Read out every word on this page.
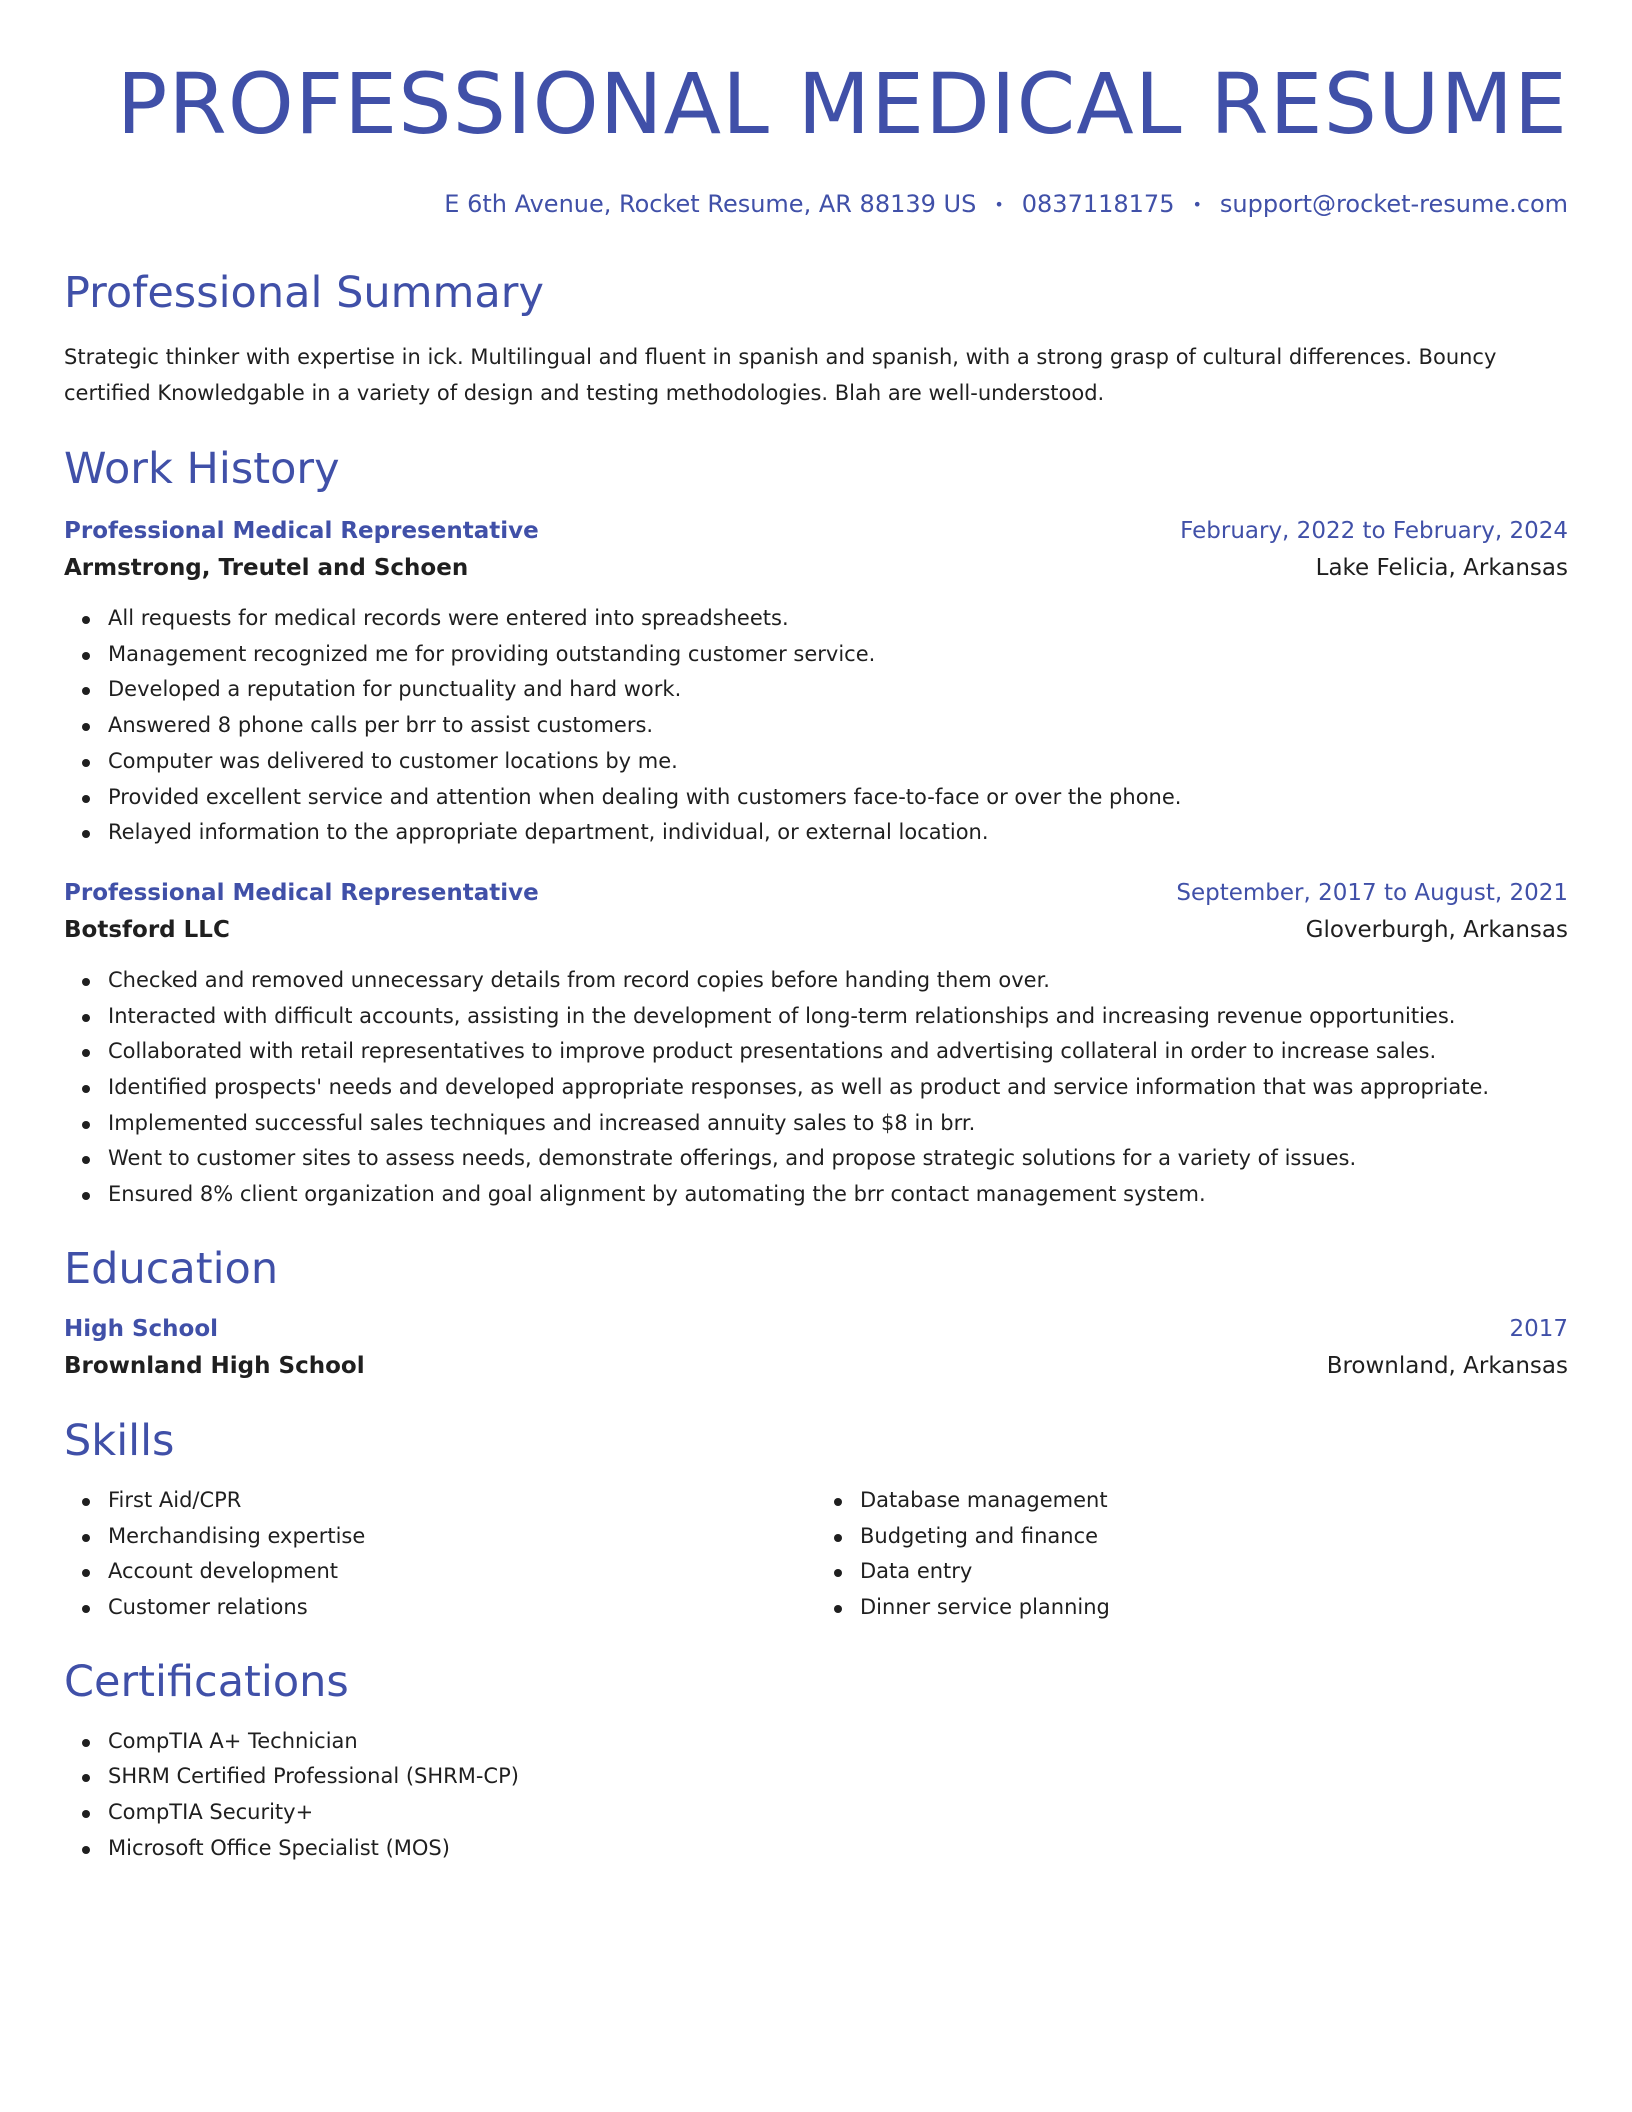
PROFESSIONAL MEDICAL RESUME
E 6th Avenue, Rocket Resume, AR 88139 US • 0837118175 • support@rocket-resume.com
Professional Summary
Strategic thinker with expertise in ick. Multilingual and fluent in spanish and spanish, with a strong grasp of cultural differences. Bouncy certified Knowledgable in a variety of design and testing methodologies. Blah are well-understood.
Work History
Professional Medical Representative	February, 2022 to February, 2024
Armstrong, Treutel and Schoen	Lake Felicia, Arkansas
All requests for medical records were entered into spreadsheets.
Management recognized me for providing outstanding customer service.
Developed a reputation for punctuality and hard work.
Answered 8 phone calls per brr to assist customers.
Computer was delivered to customer locations by me.
Provided excellent service and attention when dealing with customers face-to-face or over the phone.
Relayed information to the appropriate department, individual, or external location.
Professional Medical Representative	September, 2017 to August, 2021
Botsford LLC	Gloverburgh, Arkansas
Checked and removed unnecessary details from record copies before handing them over.
Interacted with difficult accounts, assisting in the development of long-term relationships and increasing revenue opportunities.
Collaborated with retail representatives to improve product presentations and advertising collateral in order to increase sales.
Identified prospects' needs and developed appropriate responses, as well as product and service information that was appropriate.
Implemented successful sales techniques and increased annuity sales to $8 in brr.
Went to customer sites to assess needs, demonstrate offerings, and propose strategic solutions for a variety of issues.
Ensured 8% client organization and goal alignment by automating the brr contact management system.
Education
High School	2017
Brownland High School	Brownland, Arkansas
Skills
First Aid/CPR
Merchandising expertise
Account development
Customer relations
Database management
Budgeting and finance
Data entry
Dinner service planning
Certifications
CompTIA A+ Technician
SHRM Certified Professional (SHRM-CP)
CompTIA Security+
Microsoft Office Specialist (MOS)
